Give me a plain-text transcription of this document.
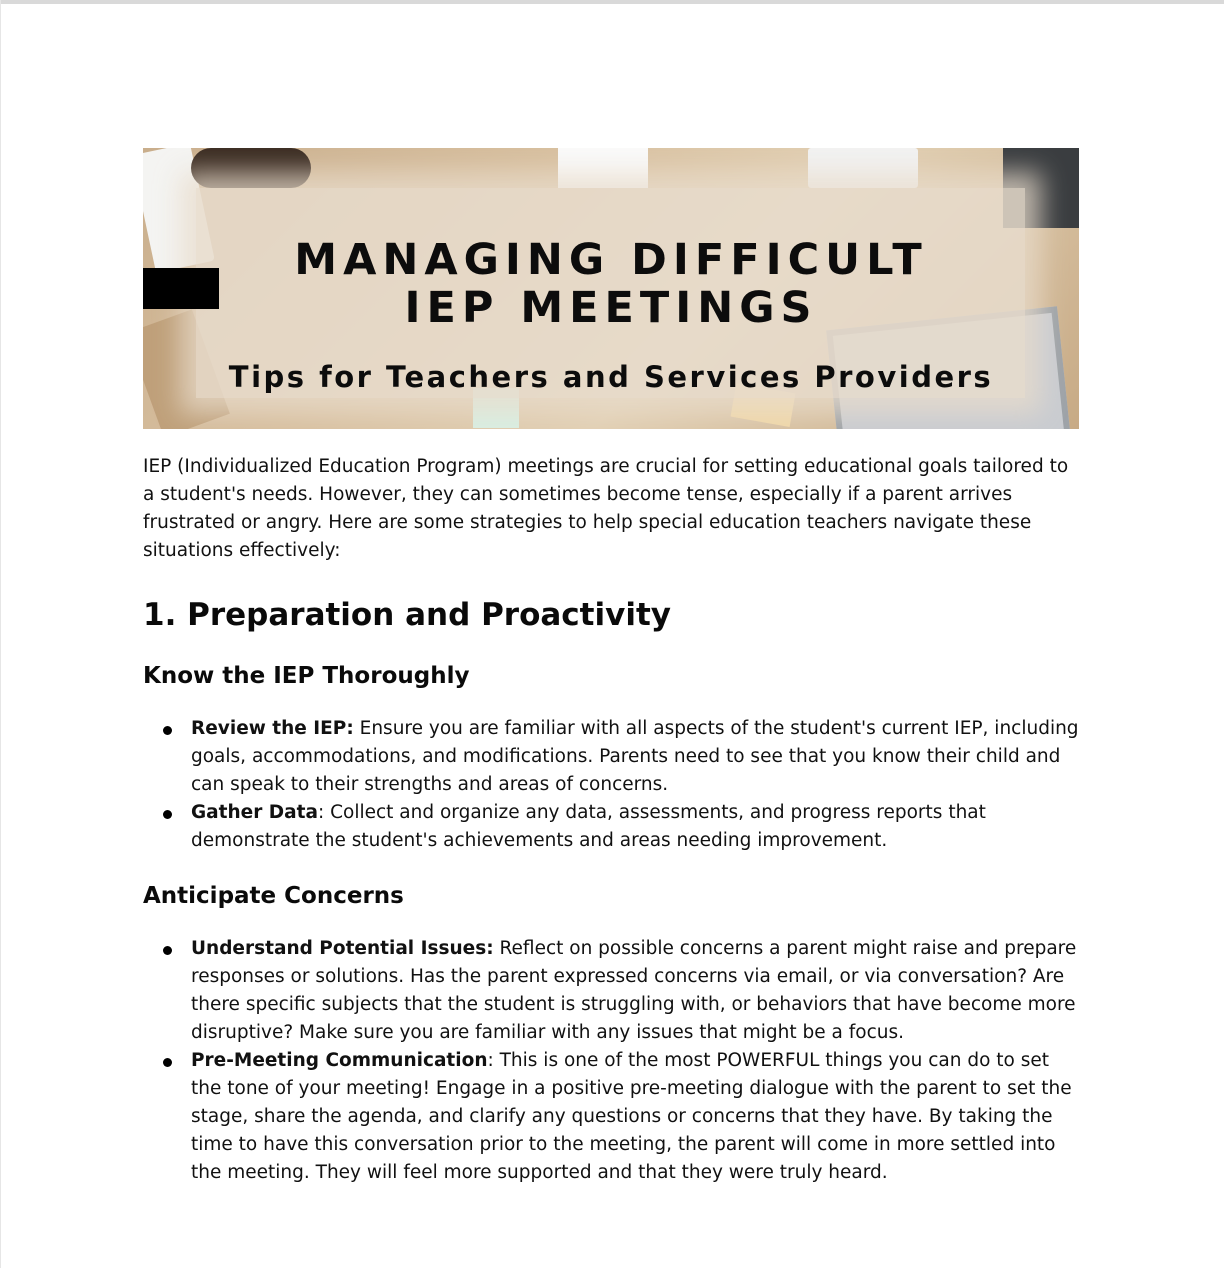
MANAGING DIFFICULT
IEP MEETINGS
Tips for Teachers and Services Providers

IEP (Individualized Education Program) meetings are crucial for setting educational goals tailored to a student's needs. However, they can sometimes become tense, especially if a parent arrives frustrated or angry. Here are some strategies to help special education teachers navigate these situations effectively:

1. Preparation and Proactivity
Know the IEP Thoroughly
Review the IEP: Ensure you are familiar with all aspects of the student's current IEP, including goals, accommodations, and modifications. Parents need to see that you know their child and can speak to their strengths and areas of concerns.
Gather Data: Collect and organize any data, assessments, and progress reports that demonstrate the student's achievements and areas needing improvement.
Anticipate Concerns
Understand Potential Issues: Reflect on possible concerns a parent might raise and prepare responses or solutions. Has the parent expressed concerns via email, or via conversation? Are there specific subjects that the student is struggling with, or behaviors that have become more disruptive? Make sure you are familiar with any issues that might be a focus.
Pre-Meeting Communication: This is one of the most POWERFUL things you can do to set the tone of your meeting! Engage in a positive pre-meeting dialogue with the parent to set the stage, share the agenda, and clarify any questions or concerns that they have. By taking the time to have this conversation prior to the meeting, the parent will come in more settled into the meeting. They will feel more supported and that they were truly heard.
